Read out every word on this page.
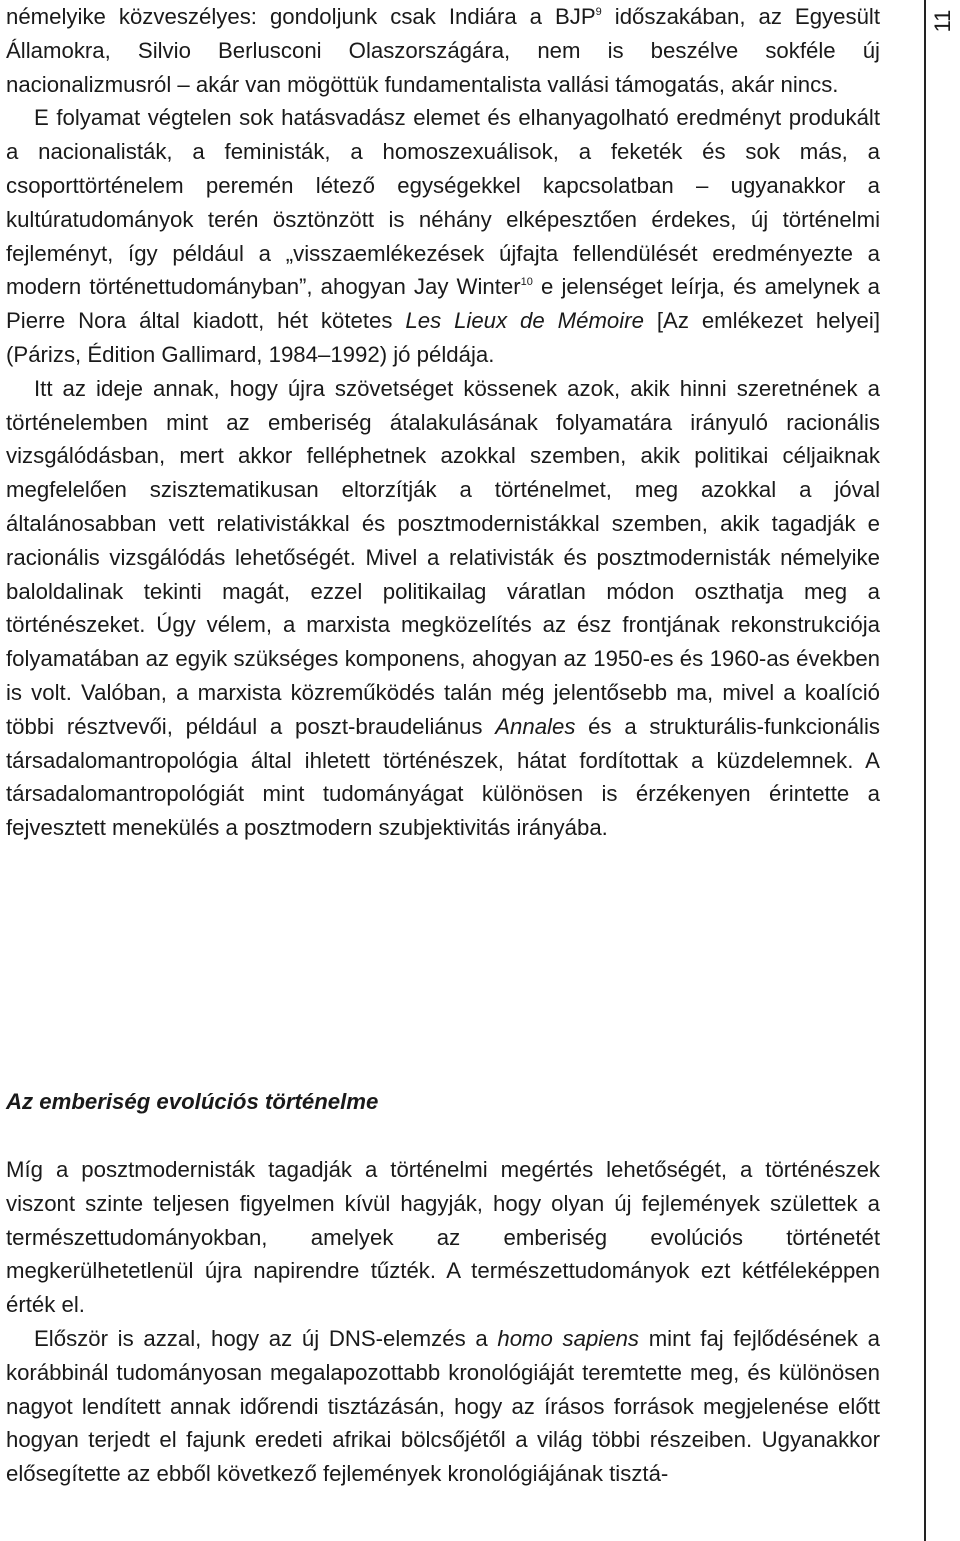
némelyike közveszélyes: gondoljunk csak Indiára a BJP$^9$ időszakában, az Egyesült Államokra, Silvio Berlusconi Olaszországára, nem is beszélve sokféle új nacionalizmusról – akár van mögöttük fundamentalista vallási támogatás, akár nincs.

E folyamat végtelen sok hatásvadász elemet és elhanyagolható eredményt produkált a nacionalisták, a feministák, a homoszexuálisok, a feketék és sok más, a csoporttörténelem peremén létező egységekkel kapcsolatban – ugyanakkor a kultúratudományok terén ösztönzött is néhány elképesztően érdekes, új történelmi fejleményt, így például a „visszaemlékezések újfajta fellendülését eredményezte a modern történettudományban”, ahogyan Jay Winter$^{10}$ e jelenséget leírja, és amelynek a Pierre Nora által kiadott, hét kötetes Les Lieux de Mémoire [Az emlékezet helyei] (Párizs, Édition Gallimard, 1984–1992) jó példája.

Itt az ideje annak, hogy újra szövetséget kössenek azok, akik hinni szeretnének a történelemben mint az emberiség átalakulásának folyamatára irányuló racionális vizsgálódásban, mert akkor felléphetnek azokkal szemben, akik politikai céljaiknak megfelelően szisztematikusan eltorzítják a történelmet, meg azokkal a jóval általánosabban vett relativistákkal és posztmodernistákkal szemben, akik tagadják e racionális vizsgálódás lehetőségét. Mivel a relativisták és posztmodernisták némelyike baloldalinak tekinti magát, ezzel politikailag váratlan módon oszthatja meg a történészeket. Úgy vélem, a marxista megközelítés az ész frontjának rekonstrukciója folyamatában az egyik szükséges komponens, ahogyan az 1950-es és 1960-as években is volt. Valóban, a marxista közreműködés talán még jelentősebb ma, mivel a koalíció többi résztvevői, például a poszt-braudeliánus Annales és a strukturális-funkcionális társadalomantropológia által ihletett történészek, hátat fordítottak a küzdelemnek. A társadalomantropológiát mint tudományágat különösen is érzékenyen érintette a fejvesztett menekülés a posztmodern szubjektivitás irányába.

Az emberiség evolúciós történelme

Míg a posztmodernisták tagadják a történelmi megértés lehetőségét, a történészek viszont szinte teljesen figyelmen kívül hagyják, hogy olyan új fejlemények születtek a természettudományokban, amelyek az emberiség evolúciós történetét megkerülhetetlenül újra napirendre tűzték. A természettudományok ezt kétféleképpen érték el.

Először is azzal, hogy az új DNS-elemzés a homo sapiens mint faj fejlődésének a korábbinál tudományosan megalapozottabb kronológiáját teremtette meg, és különösen nagyot lendített annak időrendi tisztázásán, hogy az írásos források megjelenése előtt hogyan terjedt el fajunk eredeti afrikai bölcsőjétől a világ többi részeiben. Ugyanakkor elősegítette az ebből következő fejlemények kronológiájának tisztá-

11
